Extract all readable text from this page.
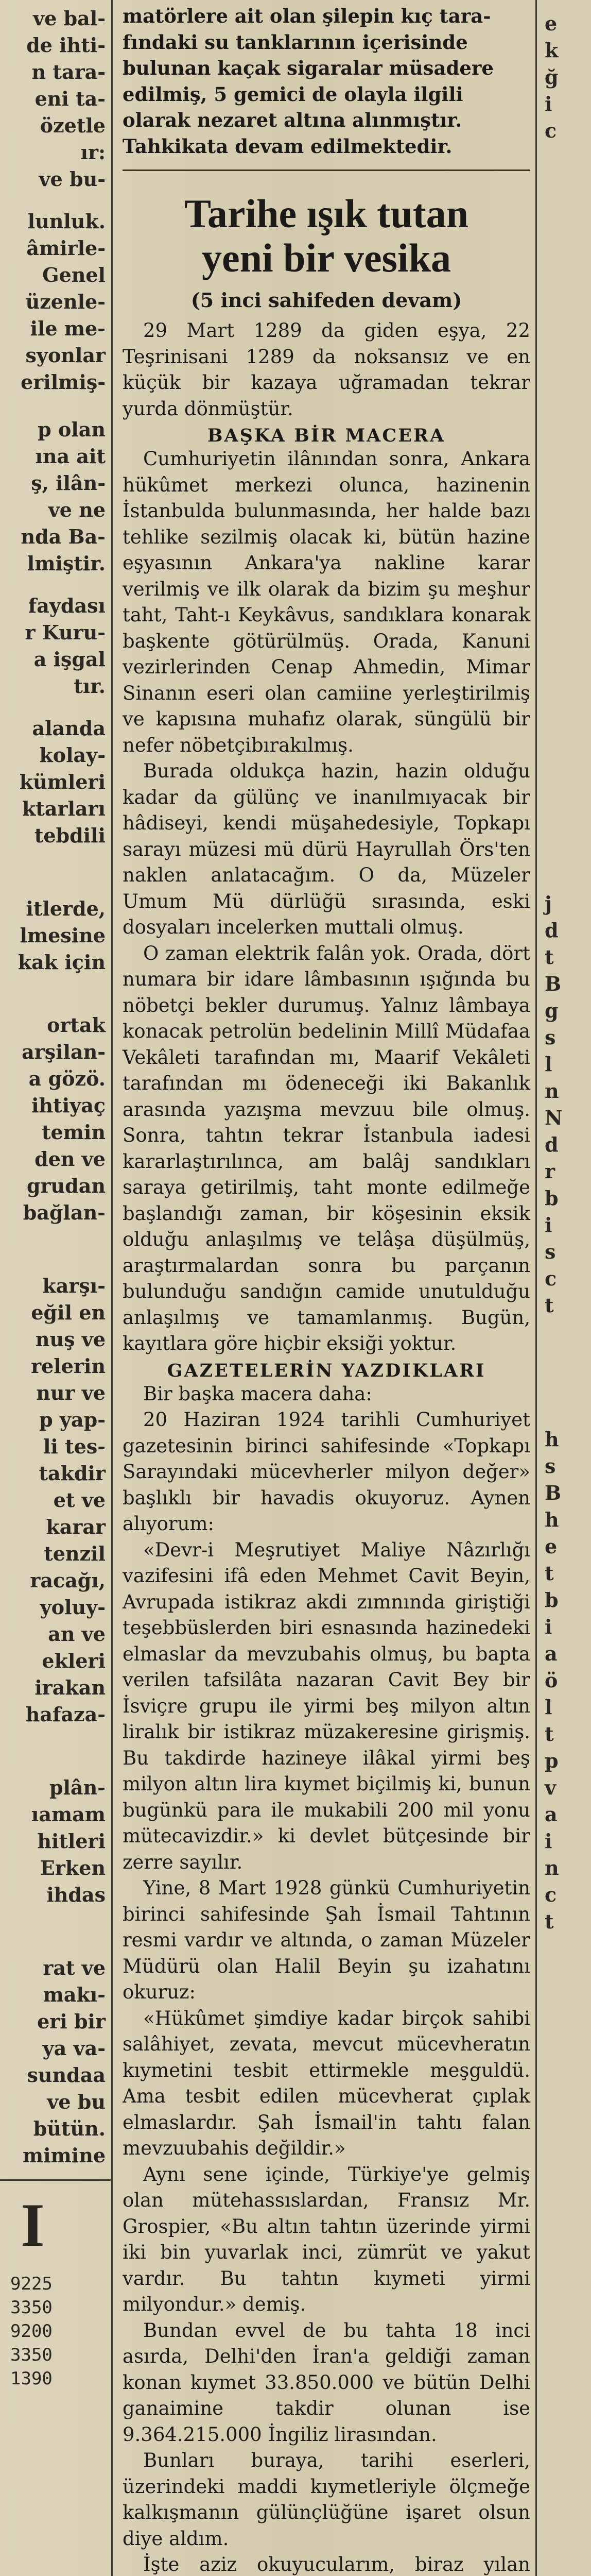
ve bal-
de ihti-
n tara-
eni ta-
özetle
ır:
ve bu-
lunluk.
âmirle-
Genel
üzenle-
ile me-
syonlar
erilmiş-
p olan
ına ait
ş, ilân-
ve ne
nda Ba-
lmiştir.
faydası
r Kuru-
a işgal
tır.
alanda
kolay-
kümleri
ktarları
tebdili
itlerde,
lmesine
kak için
ortak
arşilan-
a gözö.
ihtiyaç
temin
den ve
grudan
bağlan-
karşı-
eğil en
nuş ve
relerin
nur ve
p yap-
li tes-
takdir
et ve
karar
tenzil
racağı,
yoluy-
an ve
ekleri
irakan
hafaza-
plân-
ıamam
hitleri
Erken
ihdas
rat ve
makı-
eri bir
ya va-
sundaa
ve bu
bütün.
mimine
I
9225
3350
9200
3350
1390
e
k
ğ
i
c
j
d
t
B
g
s
l
n
N
d
r
b
i
s
c
t
h
s
B
h
e
t
b
i
a
ö
l
t
p
v
a
i
n
c
t
matörlere ait olan şilepin kıç tara-
fındaki su tanklarının içerisinde
bulunan kaçak sigaralar müsadere
edilmiş, 5 gemici de olayla ilgili
olarak nezaret altına alınmıştır.
Tahkikata devam edilmektedir.

Tarihe ışık tutan

yeni bir vesika

(5 inci sahifeden devam)

29 Mart 1289 da giden eşya, 22 Teşrinisani 1289 da noksansız ve en küçük bir kazaya uğramadan tekrar yurda dönmüştür.

BAŞKA BİR MACERA

Cumhuriyetin ilânından sonra, Ankara hükûmet merkezi olunca, hazinenin İstanbulda bulunmasında, her halde bazı tehlike sezilmiş olacak ki, bütün hazine eşyasının Ankara'ya nakline karar verilmiş ve ilk olarak da bizim şu meşhur taht, Taht-ı Keykâvus, sandıklara konarak başkente götürülmüş. Orada, Kanuni vezirlerinden Cenap Ahmedin, Mimar Sinanın eseri olan camiine yerleştirilmiş ve kapısına muhafız olarak, süngülü bir nefer nöbetçibırakılmış.

Burada oldukça hazin, hazin olduğu kadar da gülünç ve inanılmıyacak bir hâdiseyi, kendi müşahedesiyle, Topkapı sarayı müzesi mü dürü Hayrullah Örs'ten naklen anlatacağım. O da, Müzeler Umum Mü dürlüğü sırasında, eski dosyaları incelerken muttali olmuş.

O zaman elektrik falân yok. Orada, dört numara bir idare lâmbasının ışığında bu nöbetçi bekler durumuş. Yalnız lâmbaya konacak petrolün bedelinin Millî Müdafaa Vekâleti tarafından mı, Maarif Vekâleti tarafından mı ödeneceği iki Bakanlık arasında yazışma mevzuu bile olmuş. Sonra, tahtın tekrar İstanbula iadesi kararlaştırılınca, am balâj sandıkları saraya getirilmiş, taht monte edilmeğe başlandığı zaman, bir köşesinin eksik olduğu anlaşılmış ve telâşa düşülmüş, araştırmalardan sonra bu parçanın bulunduğu sandığın camide unutulduğu anlaşılmış ve tamamlanmış. Bugün, kayıtlara göre hiçbir eksiği yoktur.

GAZETELERİN YAZDIKLARI

Bir başka macera daha:

20 Haziran 1924 tarihli Cumhuriyet gazetesinin birinci sahifesinde «Topkapı Sarayındaki mücevherler milyon değer» başlıklı bir havadis okuyoruz. Aynen alıyorum:

«Devr-i Meşrutiyet Maliye Nâzırlığı vazifesini ifâ eden Mehmet Cavit Beyin, Avrupada istikraz akdi zımnında giriştiği teşebbüslerden biri esnasında hazinedeki elmaslar da mevzubahis olmuş, bu bapta verilen tafsilâta nazaran Cavit Bey bir İsviçre grupu ile yirmi beş milyon altın liralık bir istikraz müzakeresine girişmiş. Bu takdirde hazineye ilâkal yirmi beş milyon altın lira kıymet biçilmiş ki, bunun bugünkü para ile mukabili 200 mil yonu mütecavizdir.» ki devlet bütçesinde bir zerre sayılır.

Yine, 8 Mart 1928 günkü Cumhuriyetin birinci sahifesinde Şah İsmail Tahtının resmi vardır ve altında, o zaman Müzeler Müdürü olan Halil Beyin şu izahatını okuruz:

«Hükûmet şimdiye kadar birçok sahibi salâhiyet, zevata, mevcut mücevheratın kıymetini tesbit ettirmekle meşguldü. Ama tesbit edilen mücevherat çıplak elmaslardır. Şah İsmail'in tahtı falan mevzuubahis değildir.»

Aynı sene içinde, Türkiye'ye gelmiş olan mütehassıslardan, Fransız Mr. Grospier, «Bu altın tahtın üzerinde yirmi iki bin yuvarlak inci, zümrüt ve yakut vardır. Bu tahtın kıymeti yirmi milyondur.» demiş.

Bundan evvel de bu tahta 18 inci asırda, Delhi'den İran'a geldiği zaman konan kıymet 33.850.000 ve bütün Delhi ganaimine takdir olunan ise 9.364.215.000 İngiliz lirasından.

Bunları buraya, tarihi eserleri, üzerindeki maddi kıymetleriyle ölçmeğe kalkışmanın gülünçlüğüne işaret olsun diye aldım.

İşte aziz okuyucularım, biraz yılan
